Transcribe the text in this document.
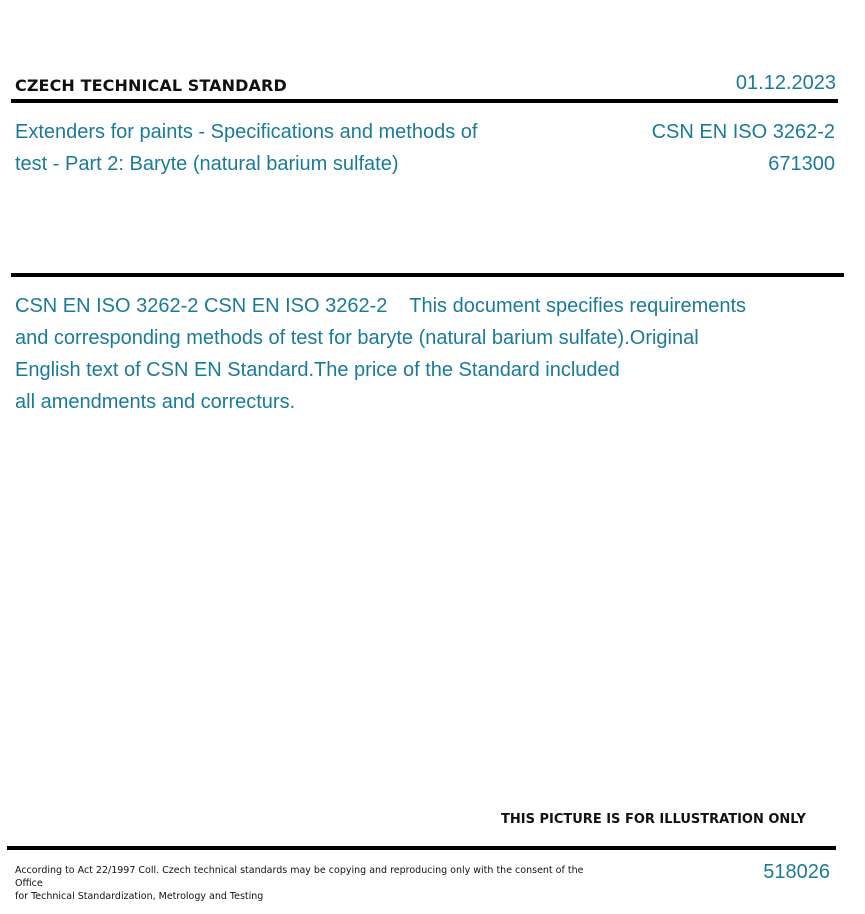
CZECH TECHNICAL STANDARD	01.12.2023
Extenders for paints - Specifications and methods of
test - Part 2: Baryte (natural barium sulfate)
CSN EN ISO 3262-2
671300
CSN EN ISO 3262-2 CSN EN ISO 3262-2    This document specifies requirements
and corresponding methods of test for baryte (natural barium sulfate).Original
English text of CSN EN Standard.The price of the Standard included
all amendments and correcturs.
THIS PICTURE IS FOR ILLUSTRATION ONLY
According to Act 22/1997 Coll. Czech technical standards may be copying and reproducing only with the consent of the Office
for Technical Standardization, Metrology and Testing
518026
